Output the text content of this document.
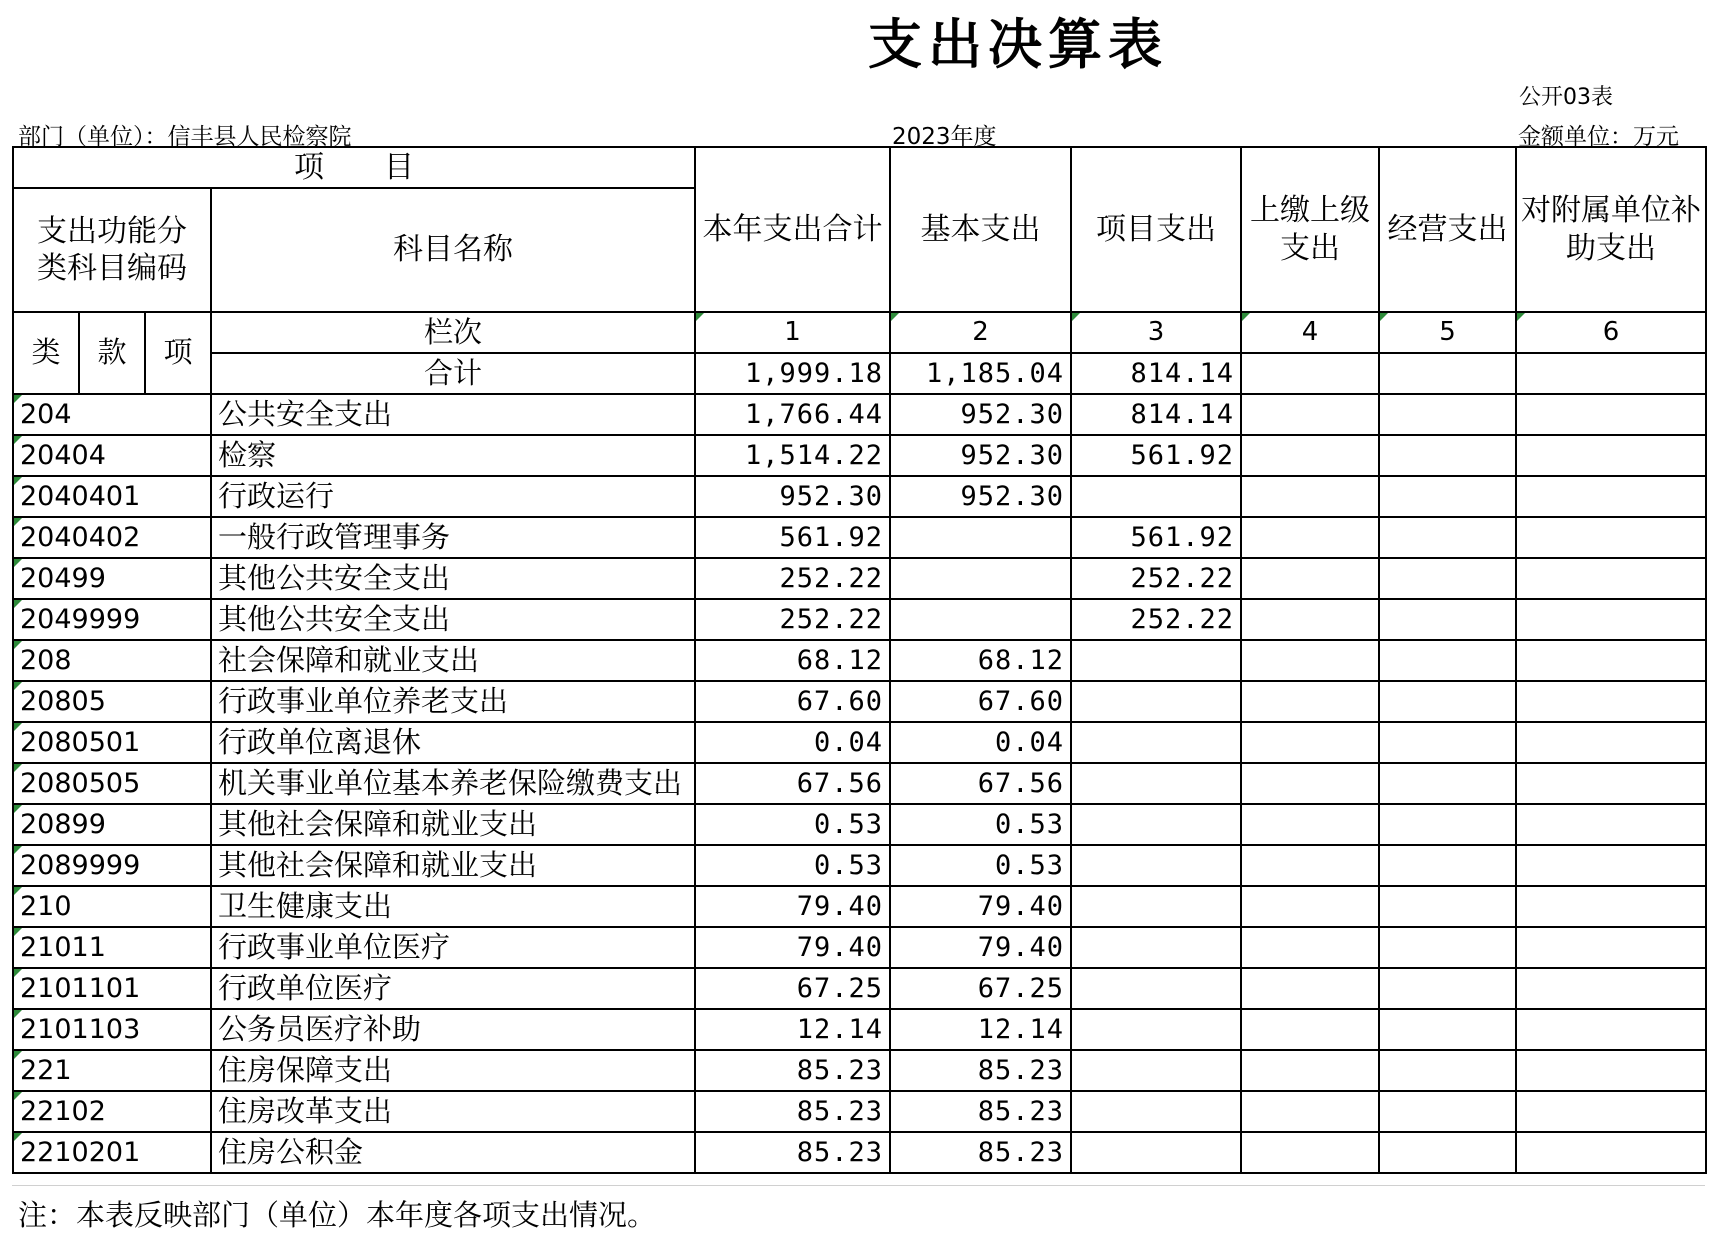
支出决算表
公开03表
部门（单位）：信丰县人民检察院	2023年度	金额单位：万元
项　　目				本年支出合计	基本支出	项目支出	上缴上级支出	经营支出	对附属单位补助支出
支出功能分类科目编码			科目名称						
类	款	项	栏次	1	2	3	4	5	6
			合计	1,999.18	1,185.04	814.14			
204			公共安全支出	1,766.44	952.30	814.14			
20404			检察	1,514.22	952.30	561.92			
2040401			行政运行	952.30	952.30				
2040402			一般行政管理事务	561.92		561.92			
20499			其他公共安全支出	252.22		252.22			
2049999			其他公共安全支出	252.22		252.22			
208			社会保障和就业支出	68.12	68.12				
20805			行政事业单位养老支出	67.60	67.60				
2080501			行政单位离退休	0.04	0.04				
2080505			机关事业单位基本养老保险缴费支出	67.56	67.56				
20899			其他社会保障和就业支出	0.53	0.53				
2089999			其他社会保障和就业支出	0.53	0.53				
210			卫生健康支出	79.40	79.40				
21011			行政事业单位医疗	79.40	79.40				
2101101			行政单位医疗	67.25	67.25				
2101103			公务员医疗补助	12.14	12.14				
221			住房保障支出	85.23	85.23				
22102			住房改革支出	85.23	85.23				
2210201			住房公积金	85.23	85.23				
注：本表反映部门（单位）本年度各项支出情况。
